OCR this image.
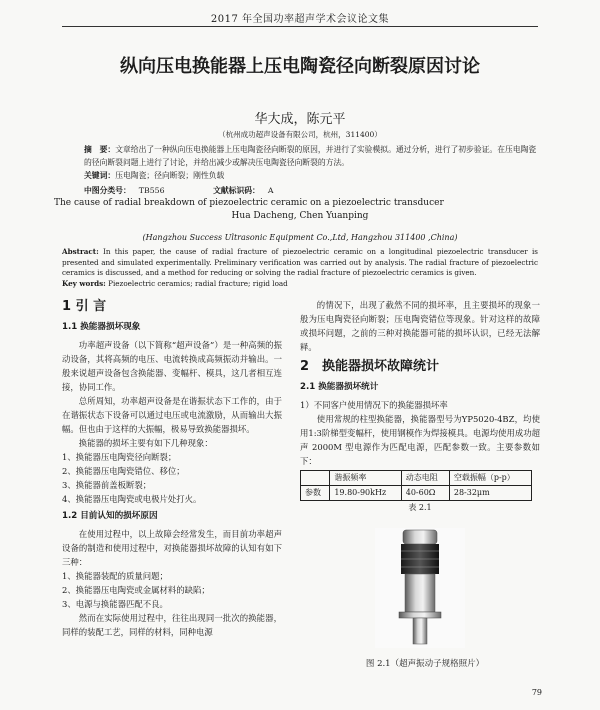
2017 年全国功率超声学术会议论文集
纵向压电换能器上压电陶瓷径向断裂原因讨论
华大成，陈元平
（杭州成功超声设备有限公司，杭州，311400）

摘　要：文章给出了一种纵向压电换能器上压电陶瓷径向断裂的原因，并进行了实验模拟。通过分析，进行了初步验证。在压电陶瓷的径向断裂问题上进行了讨论，并给出减少或解决压电陶瓷径向断裂的方法。

关键词：压电陶瓷；径向断裂；刚性负载

中图分类号： TB556	文献标识码： A
The cause of radial breakdown of piezoelectric ceramic on a piezoelectric transducer
Hua Dacheng, Chen Yuanping
(Hangzhou Success Ultrasonic Equipment Co.,Ltd, Hangzhou 311400 ,China)

Abstract: In this paper, the cause of radial fracture of piezoelectric ceramic on a longitudinal piezoelectric transducer is presented and simulated experimentally. Preliminary verification was carried out by analysis. The radial fracture of piezoelectric ceramics is discussed, and a method for reducing or solving the radial fracture of piezoelectric ceramics is given.

Key words: Piezoelectric ceramics; radial fracture; rigid load

1 引 言

1.1 换能器损坏现象

功率超声设备（以下简称“超声设备”）是一种高频的振动设备，其将高频的电压、电流转换成高频振动并输出。一般来说超声设备包含换能器、变幅杆、模具，这几者相互连接，协同工作。

总所周知，功率超声设备是在谐振状态下工作的，由于在谐振状态下设备可以通过电压或电流激励，从而输出大振幅。但也由于这样的大振幅，极易导致换能器损坏。

换能器的损坏主要有如下几种现象：

1、换能器压电陶瓷径向断裂；

2、换能器压电陶瓷错位、移位；

3、换能器前盖板断裂；

4、换能器压电陶瓷或电极片处打火。

1.2 目前认知的损坏原因

在使用过程中，以上故障会经常发生，而目前功率超声设备的制造和使用过程中，对换能器损坏故障的认知有如下三种：

1、换能器装配的质量问题；

2、换能器压电陶瓷或金属材料的缺陷；

3、电源与换能器匹配不良。

然而在实际使用过程中，往往出现同一批次的换能器，同样的装配工艺，同样的材料，同种电源

的情况下，出现了截然不同的损坏率，且主要损坏的现象一般为压电陶瓷径向断裂；压电陶瓷错位等现象。针对这样的故障或损坏问题，之前的三种对换能器可能的损坏认识，已经无法解释。

2　换能器损坏故障统计

2.1 换能器损坏统计

1）不同客户使用情况下的换能器损坏率

使用常规的柱型换能器，换能器型号为YP5020-4BZ，均使用1:3阶梯型变幅杆，使用钢模作为焊接模具。电源均使用成功超声 2000M 型电源作为匹配电源，匹配参数一致。主要参数如下：

	谐振频率	动态电阻	空载振幅（p-p）
参数	19.80-90kHz	40-60Ω	28-32μm

表 2.1

图 2.1（超声振动子规格照片）
79
